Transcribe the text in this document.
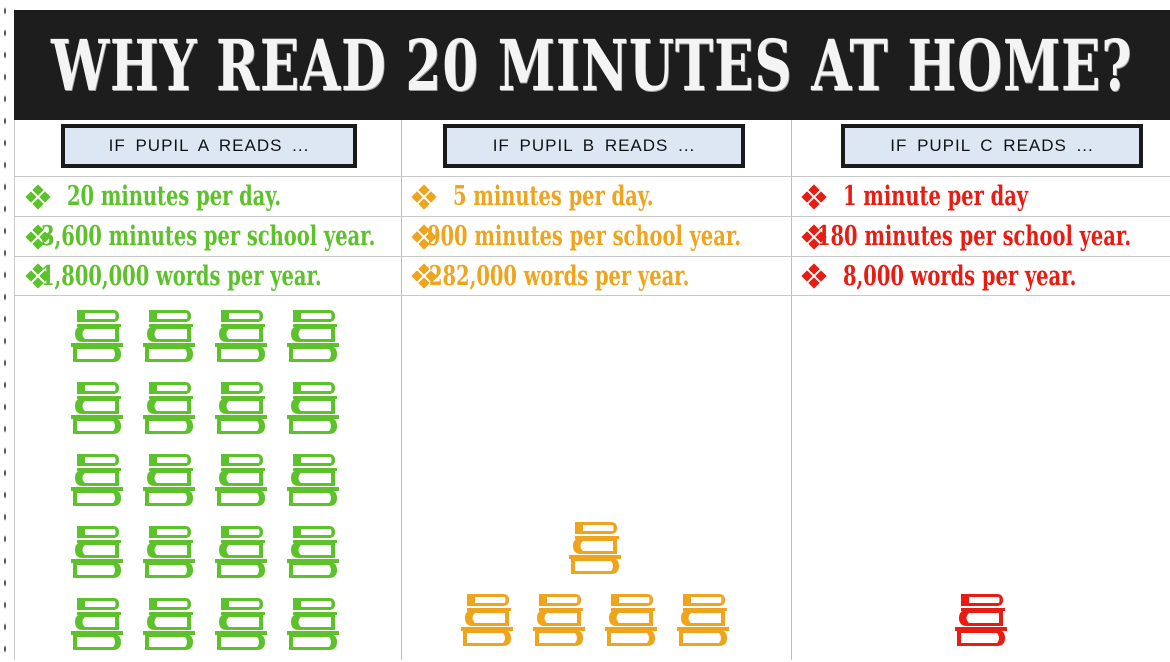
WHY READ 20 MINUTES AT HOME?
IF PUPIL A READS ...
20 minutes per day.
3,600 minutes per school year.
1,800,000 words per year.
IF PUPIL B READS ...
5 minutes per day.
900 minutes per school year.
282,000 words per year.
IF PUPIL C READS ...
1 minute per day
180 minutes per school year.
8,000 words per year.
